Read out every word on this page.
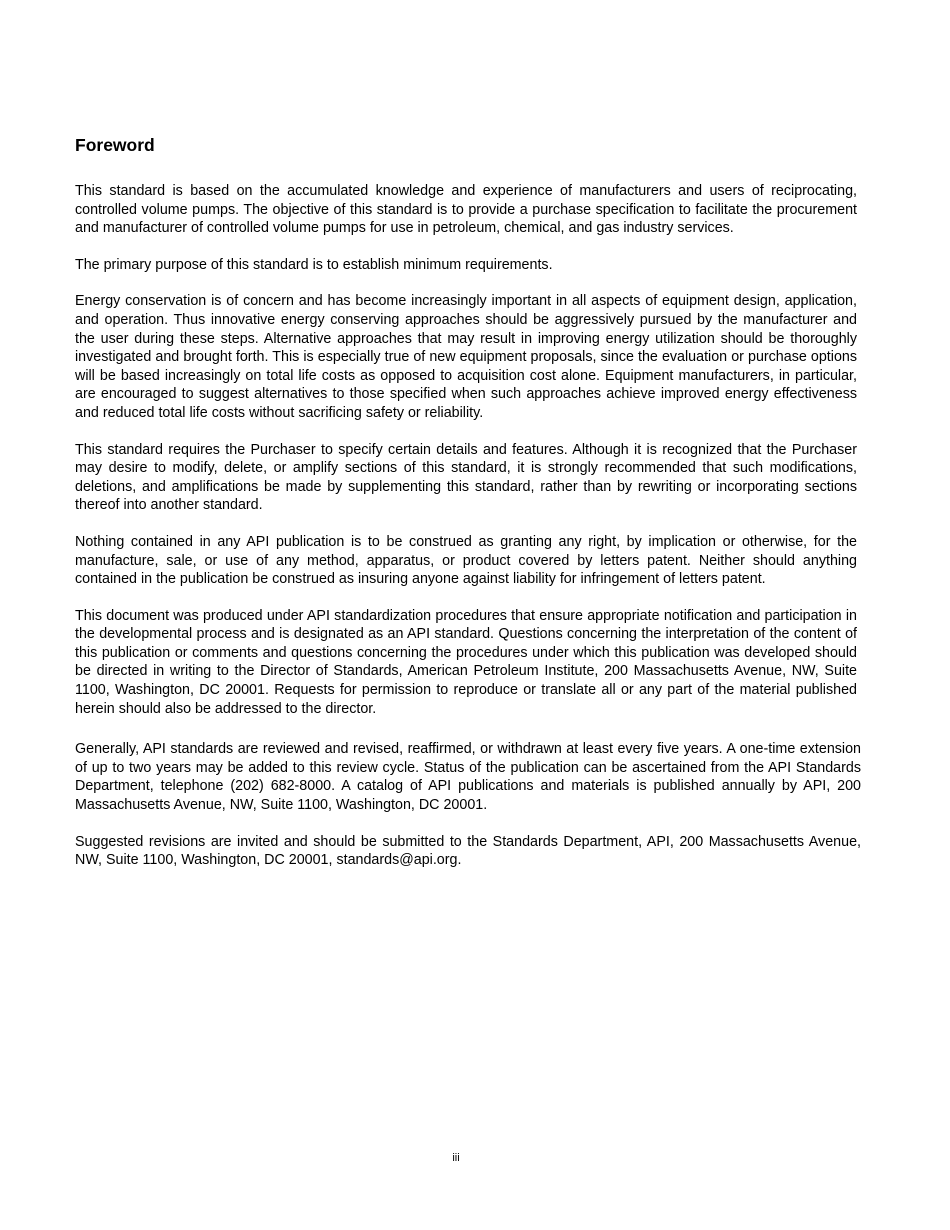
Foreword

This standard is based on the accumulated knowledge and experience of manufacturers and users of reciprocating, controlled volume pumps. The objective of this standard is to provide a purchase specification to facilitate the procurement and manufacturer of controlled volume pumps for use in petroleum, chemical, and gas industry services.

The primary purpose of this standard is to establish minimum requirements.

Energy conservation is of concern and has become increasingly important in all aspects of equipment design, application, and operation. Thus innovative energy conserving approaches should be aggressively pursued by the manufacturer and the user during these steps. Alternative approaches that may result in improving energy utilization should be thoroughly investigated and brought forth. This is especially true of new equipment proposals, since the evaluation or purchase options will be based increasingly on total life costs as opposed to acquisition cost alone. Equipment manufacturers, in particular, are encouraged to suggest alternatives to those specified when such approaches achieve improved energy effectiveness and reduced total life costs without sacrificing safety or reliability.

This standard requires the Purchaser to specify certain details and features. Although it is recognized that the Purchaser may desire to modify, delete, or amplify sections of this standard, it is strongly recommended that such modifications, deletions, and amplifications be made by supplementing this standard, rather than by rewriting or incorporating sections thereof into another standard.

Nothing contained in any API publication is to be construed as granting any right, by implication or otherwise, for the manufacture, sale, or use of any method, apparatus, or product covered by letters patent. Neither should anything contained in the publication be construed as insuring anyone against liability for infringement of letters patent.

This document was produced under API standardization procedures that ensure appropriate notification and participation in the developmental process and is designated as an API standard. Questions concerning the interpretation of the content of this publication or comments and questions concerning the procedures under which this publication was developed should be directed in writing to the Director of Standards, American Petroleum Institute, 200 Massachusetts Avenue, NW, Suite 1100, Washington, DC 20001. Requests for permission to reproduce or translate all or any part of the material published herein should also be addressed to the director.

Generally, API standards are reviewed and revised, reaffirmed, or withdrawn at least every five years. A one-time extension of up to two years may be added to this review cycle. Status of the publication can be ascertained from the API Standards Department, telephone (202) 682-8000. A catalog of API publications and materials is published annually by API, 200 Massachusetts Avenue, NW, Suite 1100, Washington, DC 20001.

Suggested revisions are invited and should be submitted to the Standards Department, API, 200 Massachusetts Avenue, NW, Suite 1100, Washington, DC 20001, standards@api.org.

iii
